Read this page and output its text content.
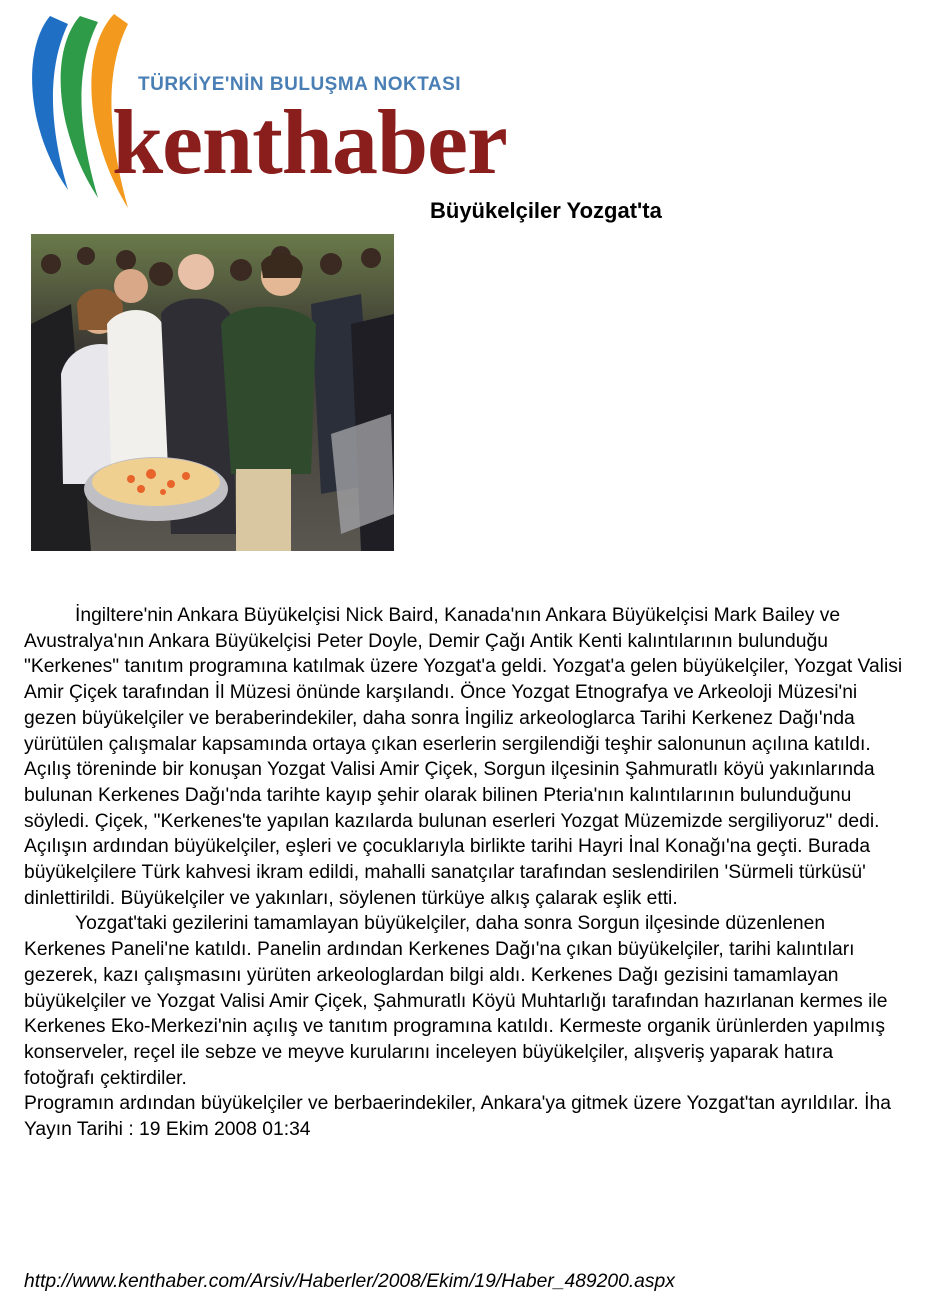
TÜRKİYE'NİN BULUŞMA NOKTASI
kenthaber
Büyükelçiler Yozgat'ta

İngiltere'nin Ankara Büyükelçisi Nick Baird, Kanada'nın Ankara Büyükelçisi Mark Bailey ve Avustralya'nın Ankara Büyükelçisi Peter Doyle, Demir Çağı Antik Kenti kalıntılarının bulunduğu "Kerkenes" tanıtım programına katılmak üzere Yozgat'a geldi. Yozgat'a gelen büyükelçiler, Yozgat Valisi Amir Çiçek tarafından İl Müzesi önünde karşılandı. Önce Yozgat Etnografya ve Arkeoloji Müzesi'ni gezen büyükelçiler ve beraberindekiler, daha sonra İngiliz arkeologlarca Tarihi Kerkenez Dağı'nda yürütülen çalışmalar kapsamında ortaya çıkan eserlerin sergilendiği teşhir salonunun açılına katıldı. Açılış töreninde bir konuşan Yozgat Valisi Amir Çiçek, Sorgun ilçesinin Şahmuratlı köyü yakınlarında bulunan Kerkenes Dağı'nda tarihte kayıp şehir olarak bilinen Pteria'nın kalıntılarının bulunduğunu söyledi. Çiçek, "Kerkenes'te yapılan kazılarda bulunan eserleri Yozgat Müzemizde sergiliyoruz" dedi.

Açılışın ardından büyükelçiler, eşleri ve çocuklarıyla birlikte tarihi Hayri İnal Konağı'na geçti. Burada büyükelçilere Türk kahvesi ikram edildi, mahalli sanatçılar tarafından seslendirilen 'Sürmeli türküsü' dinlettirildi. Büyükelçiler ve yakınları, söylenen türküye alkış çalarak eşlik etti.

Yozgat'taki gezilerini tamamlayan büyükelçiler, daha sonra Sorgun ilçesinde düzenlenen Kerkenes Paneli'ne katıldı. Panelin ardından Kerkenes Dağı'na çıkan büyükelçiler, tarihi kalıntıları gezerek, kazı çalışmasını yürüten arkeologlardan bilgi aldı. Kerkenes Dağı gezisini tamamlayan büyükelçiler ve Yozgat Valisi Amir Çiçek, Şahmuratlı Köyü Muhtarlığı tarafından hazırlanan kermes ile Kerkenes Eko-Merkezi'nin açılış ve tanıtım programına katıldı. Kermeste organik ürünlerden yapılmış konserveler, reçel ile sebze ve meyve kurularını inceleyen büyükelçiler, alışveriş yaparak hatıra fotoğrafı çektirdiler.

Programın ardından büyükelçiler ve berbaerindekiler, Ankara'ya gitmek üzere Yozgat'tan ayrıldılar. İha Yayın Tarihi : 19 Ekim 2008 01:34

http://www.kenthaber.com/Arsiv/Haberler/2008/Ekim/19/Haber_489200.aspx
